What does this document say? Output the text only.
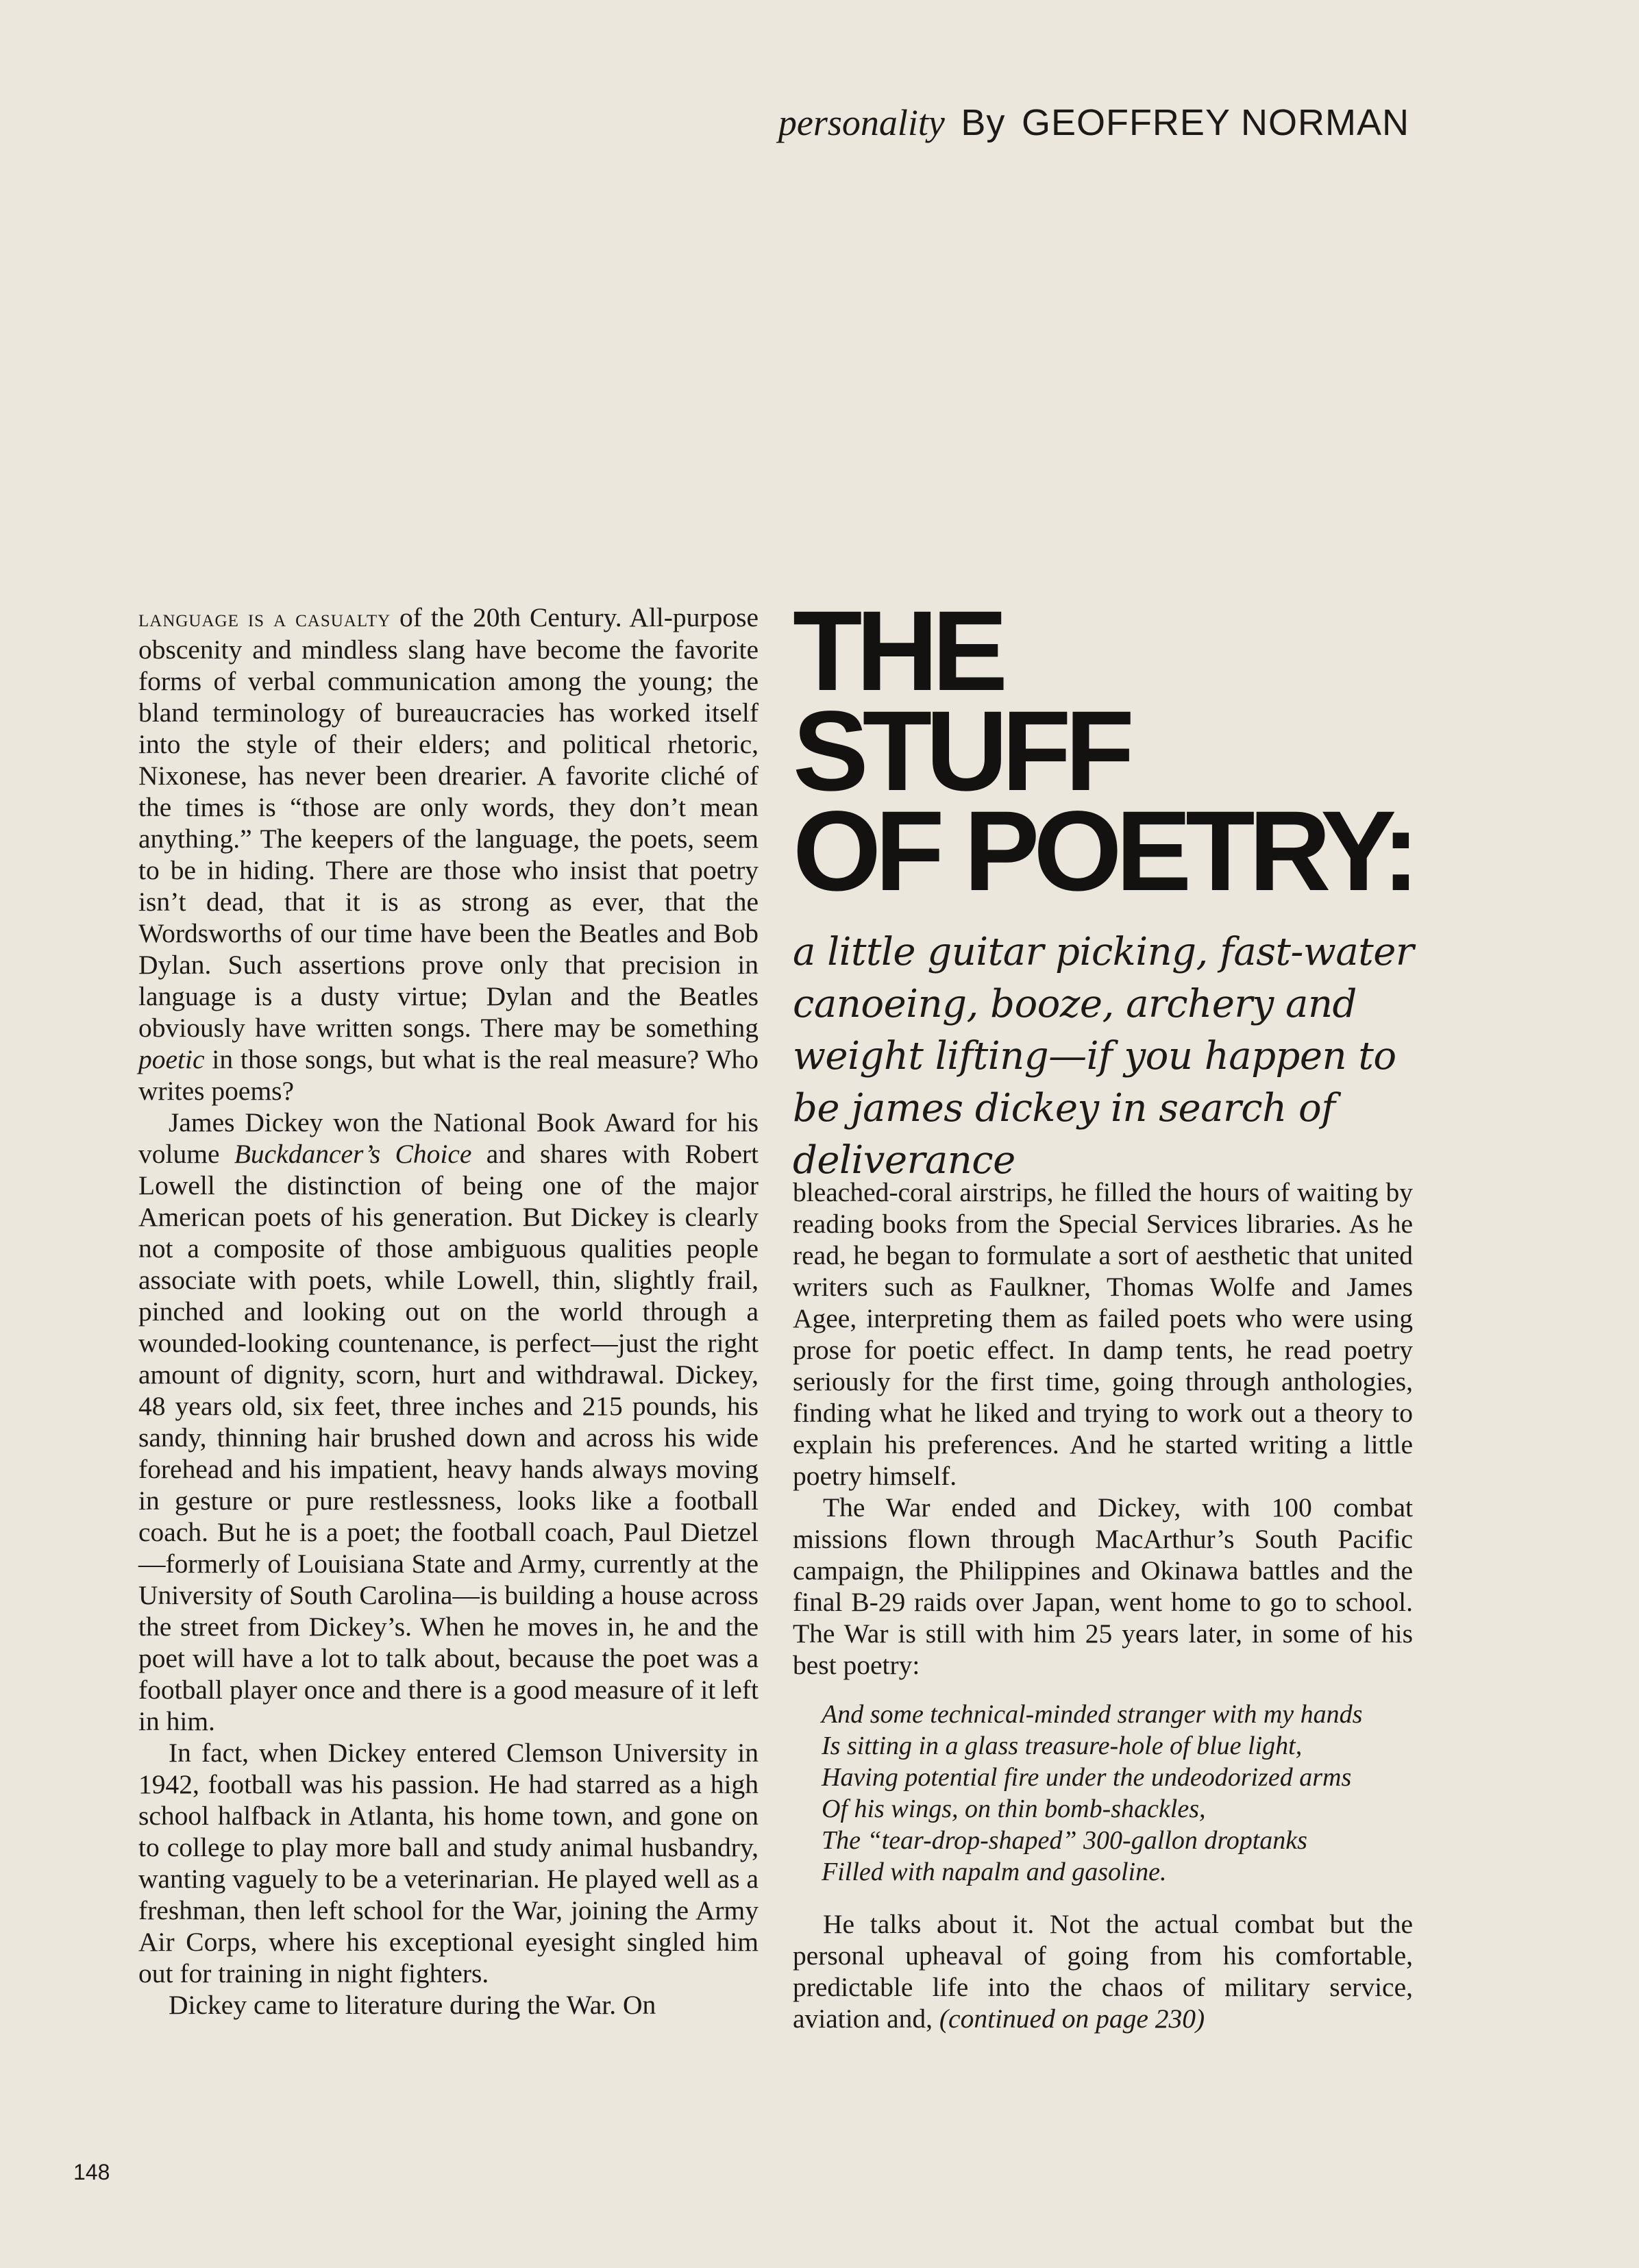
personality By GEOFFREY NORMAN
THE
STUFF
OF POETRY:
a little guitar picking, fast-water canoeing, booze, archery and weight lifting—if you happen to be james dickey in search of deliverance

language is a casualty of the 20th Century. All-purpose obscenity and mindless slang have become the favorite forms of verbal communication among the young; the bland terminology of bureaucracies has worked itself into the style of their elders; and political rhetoric, Nixonese, has never been drearier. A favorite cliché of the times is “those are only words, they don’t mean anything.” The keepers of the language, the poets, seem to be in hiding. There are those who insist that poetry isn’t dead, that it is as strong as ever, that the Wordsworths of our time have been the Beatles and Bob Dylan. Such assertions prove only that precision in language is a dusty virtue; Dylan and the Beatles obviously have written songs. There may be something poetic in those songs, but what is the real measure? Who writes poems?

James Dickey won the National Book Award for his volume Buckdancer’s Choice and shares with Robert Lowell the distinction of being one of the major American poets of his generation. But Dickey is clearly not a composite of those ambiguous qualities people associate with poets, while Lowell, thin, slightly frail, pinched and looking out on the world through a wounded-looking countenance, is perfect—just the right amount of dignity, scorn, hurt and withdrawal. Dickey, 48 years old, six feet, three inches and 215 pounds, his sandy, thinning hair brushed down and across his wide forehead and his impatient, heavy hands always moving in gesture or pure restlessness, looks like a football coach. But he is a poet; the football coach, Paul Dietzel—formerly of Louisiana State and Army, currently at the University of South Carolina—is building a house across the street from Dickey’s. When he moves in, he and the poet will have a lot to talk about, because the poet was a football player once and there is a good measure of it left in him.

In fact, when Dickey entered Clemson University in 1942, football was his passion. He had starred as a high school halfback in Atlanta, his home town, and gone on to college to play more ball and study animal husbandry, wanting vaguely to be a veterinarian. He played well as a freshman, then left school for the War, joining the Army Air Corps, where his exceptional eyesight singled him out for training in night fighters.

Dickey came to literature during the War. On

bleached-coral airstrips, he filled the hours of waiting by reading books from the Special Services libraries. As he read, he began to formulate a sort of aesthetic that united writers such as Faulkner, Thomas Wolfe and James Agee, interpreting them as failed poets who were using prose for poetic effect. In damp tents, he read poetry seriously for the first time, going through anthologies, finding what he liked and trying to work out a theory to explain his preferences. And he started writing a little poetry himself.

The War ended and Dickey, with 100 combat missions flown through MacArthur’s South Pacific campaign, the Philippines and Okinawa battles and the final B-29 raids over Japan, went home to go to school. The War is still with him 25 years later, in some of his best poetry:

And some technical-minded stranger with my hands
Is sitting in a glass treasure-hole of blue light,
Having potential fire under the undeodorized arms
Of his wings, on thin bomb-shackles,
The “tear-drop-shaped” 300-gallon droptanks
Filled with napalm and gasoline.

He talks about it. Not the actual combat but the personal upheaval of going from his comfortable, predictable life into the chaos of military service, aviation and, (continued on page 230)

148
